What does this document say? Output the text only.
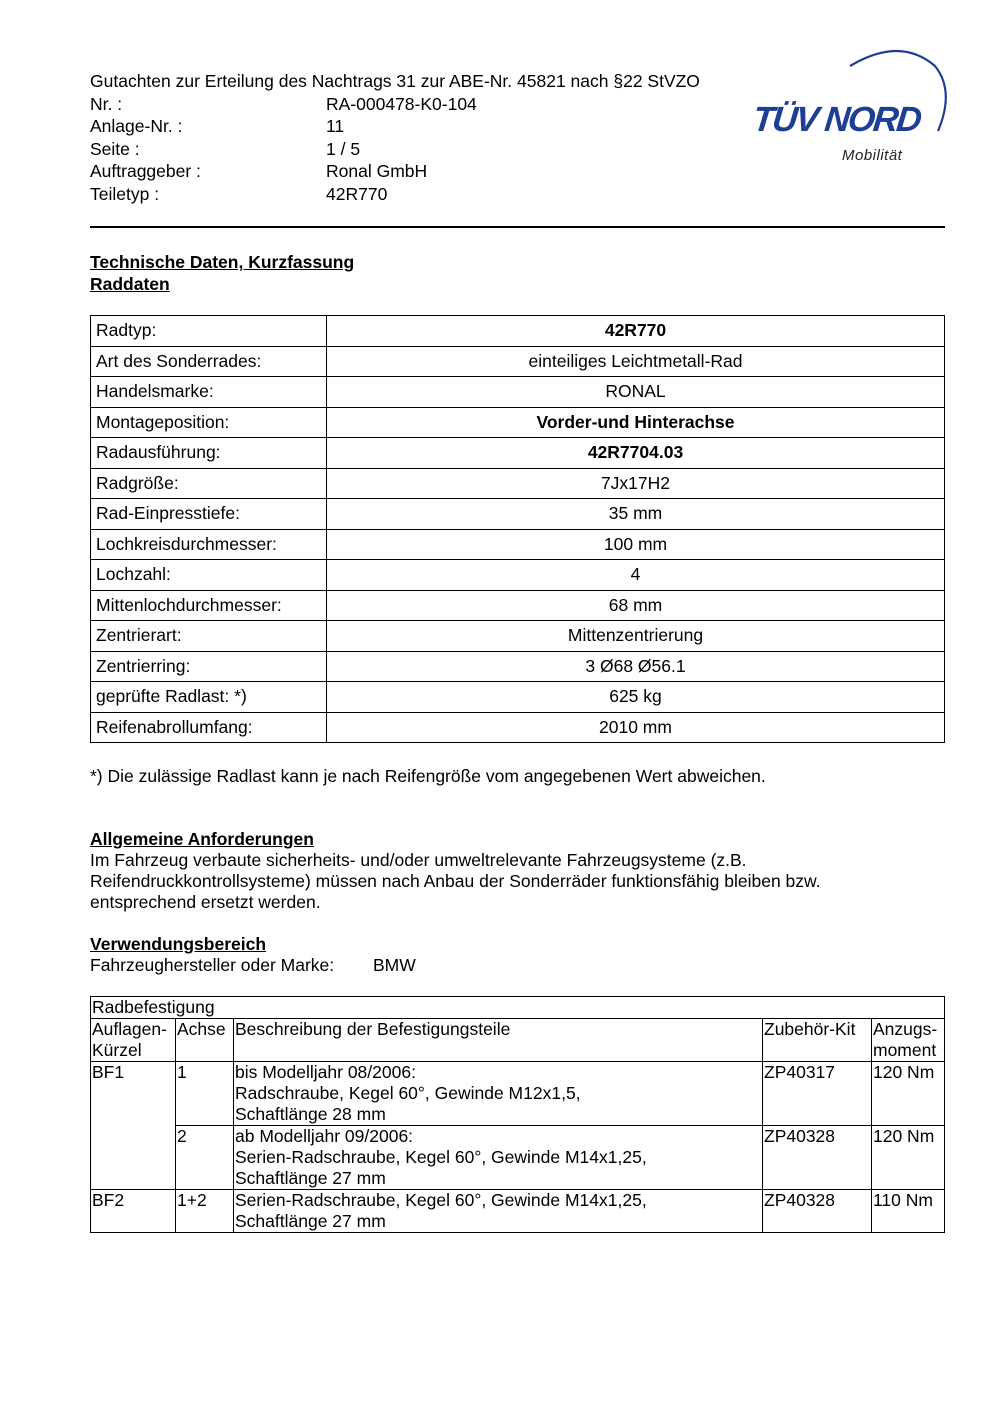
Gutachten zur Erteilung des Nachtrags 31 zur ABE-Nr. 45821 nach §22 StVZO
Nr. :	RA-000478-K0-104
Anlage-Nr. :	11
Seite :	1 / 5
Auftraggeber :	Ronal GmbH
Teiletyp :	42R770
TÜV NORD
Mobilität
Technische Daten, Kurzfassung
Raddaten
Radtyp:	42R770
Art des Sonderrades:	einteiliges Leichtmetall-Rad
Handelsmarke:	RONAL
Montageposition:	Vorder-und Hinterachse
Radausführung:	42R7704.03
Radgröße:	7Jx17H2
Rad-Einpresstiefe:	35 mm
Lochkreisdurchmesser:	100 mm
Lochzahl:	4
Mittenlochdurchmesser:	68 mm
Zentrierart:	Mittenzentrierung
Zentrierring:	3 Ø68 Ø56.1
geprüfte Radlast: *)	625 kg
Reifenabrollumfang:	2010 mm
*) Die zulässige Radlast kann je nach Reifengröße vom angegebenen Wert abweichen.
Allgemeine Anforderungen
Im Fahrzeug verbaute sicherheits- und/oder umweltrelevante Fahrzeugsysteme (z.B.
Reifendruckkontrollsysteme) müssen nach Anbau der Sonderräder funktionsfähig bleiben bzw.
entsprechend ersetzt werden.
Verwendungsbereich
Fahrzeughersteller oder Marke:	BMW
Radbefestigung				
Auflagen-
Kürzel	Achse	Beschreibung der Befestigungsteile	Zubehör-Kit	Anzugs-
moment
BF1	1	bis Modelljahr 08/2006:
Radschraube, Kegel 60°, Gewinde M12x1,5,
Schaftlänge 28 mm	ZP40317	120 Nm
	2	ab Modelljahr 09/2006:
Serien-Radschraube, Kegel 60°, Gewinde M14x1,25,
Schaftlänge 27 mm	ZP40328	120 Nm
BF2	1+2	Serien-Radschraube, Kegel 60°, Gewinde M14x1,25,
Schaftlänge 27 mm	ZP40328	110 Nm
